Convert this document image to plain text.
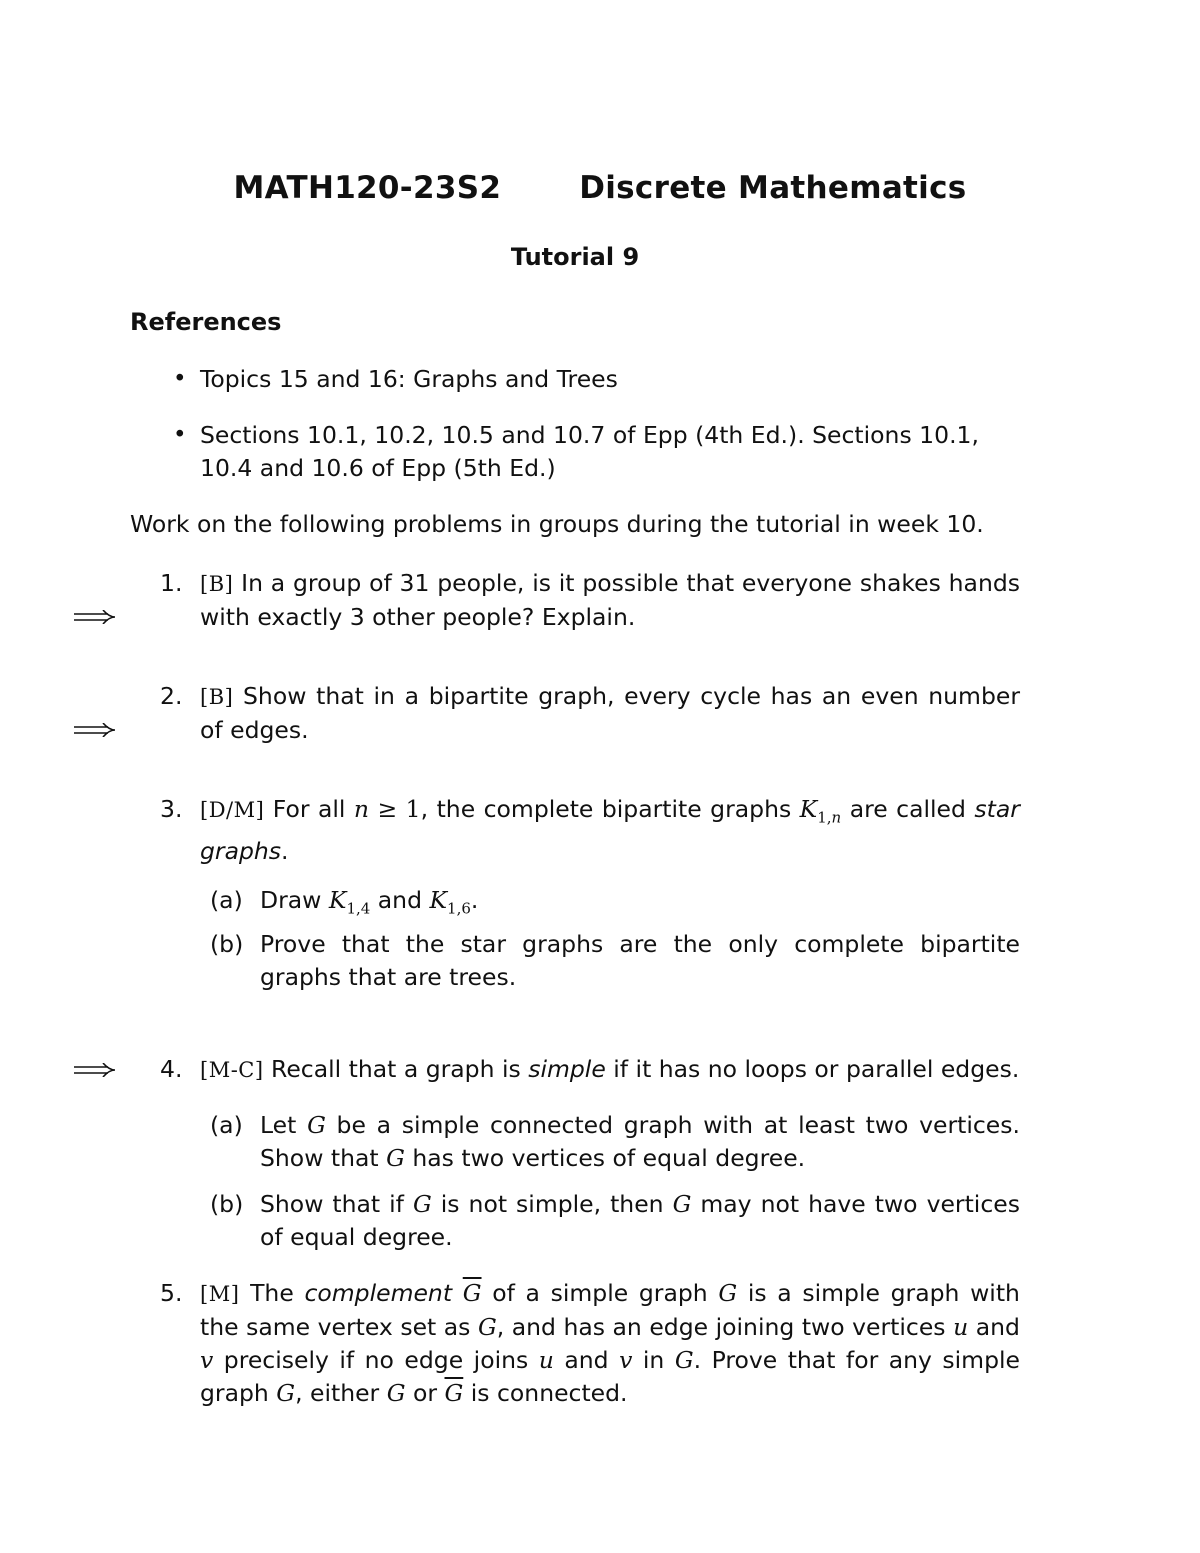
MATH120-23S2	Discrete Mathematics
Tutorial 9
References
• Topics 15 and 16: Graphs and Trees
• Sections 10.1, 10.2, 10.5 and 10.7 of Epp (4th Ed.). Sections 10.1, 10.4 and 10.6 of Epp (5th Ed.)
Work on the following problems in groups during the tutorial in week 10.
1. [B] In a group of 31 people, is it possible that everyone shakes hands with exactly 3 other people? Explain.
2. [B] Show that in a bipartite graph, every cycle has an even number of edges.
3. [D/M] For all n ≥ 1, the complete bipartite graphs $K_{1,n}$ are called star graphs.
(a) Draw $K_{1,4}$ and $K_{1,6}$.
(b) Prove that the star graphs are the only complete bipartite graphs that are trees.
4. [M-C] Recall that a graph is simple if it has no loops or parallel edges.
(a) Let G be a simple connected graph with at least two vertices. Show that G has two vertices of equal degree.
(b) Show that if G is not simple, then G may not have two vertices of equal degree.
5. [M] The complement $\overline{G}$ of a simple graph G is a simple graph with the same vertex set as G, and has an edge joining two vertices u and v precisely if no edge joins u and v in G. Prove that for any simple graph G, either G or $\overline{G}$ is connected.
